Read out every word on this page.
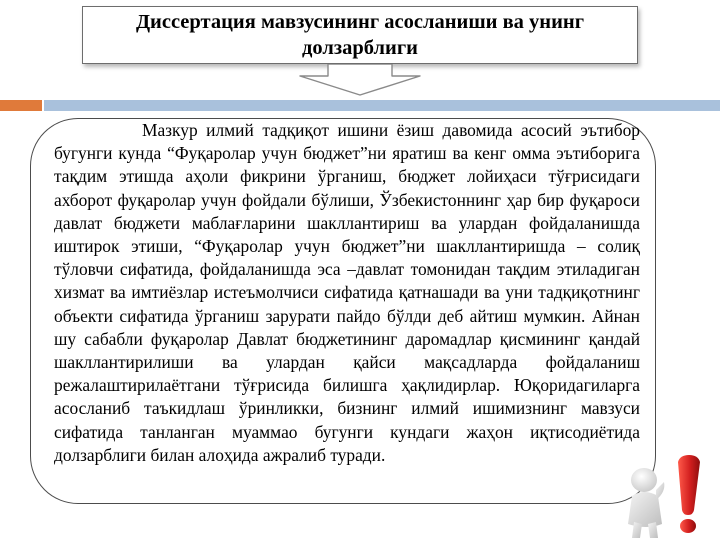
Диссертация мавзусининг асосланиши ва унинг долзарблиги

Мазкур илмий тадқиқот ишини ёзиш давомида асосий эътибор бугунги кунда “Фуқаролар учун бюджет”ни яратиш ва кенг омма эътиборига тақдим этишда аҳоли фикрини ўрганиш, бюджет лойиҳаси тўғрисидаги ахборот фуқаролар учун фойдали бўлиши, Ўзбекистоннинг ҳар бир фуқароси давлат бюджети маблағларини шакллантириш ва улардан фойдаланишда иштирок этиши, “Фуқаролар учун бюджет”ни шакллантиришда – солиқ тўловчи сифатида, фойдаланишда эса –давлат томонидан тақдим этиладиган хизмат ва имтиёзлар истеъмолчиси сифатида қатнашади ва уни тадқиқотнинг объекти сифатида ўрганиш зарурати пайдо бўлди деб айтиш мумкин. Айнан шу сабабли фуқаролар Давлат бюджетининг даромадлар қисмининг қандай шакллантирилиши ва улардан қайси мақсадларда фойдаланиш режалаштирилаётгани тўғрисида билишга ҳақлидирлар. Юқоридагиларга асосланиб таъкидлаш ўринликки, бизнинг илмий ишимизнинг мавзуси сифатида танланган муаммао бугунги кундаги жаҳон иқтисодиётида долзарблиги билан алоҳида ажралиб туради.
